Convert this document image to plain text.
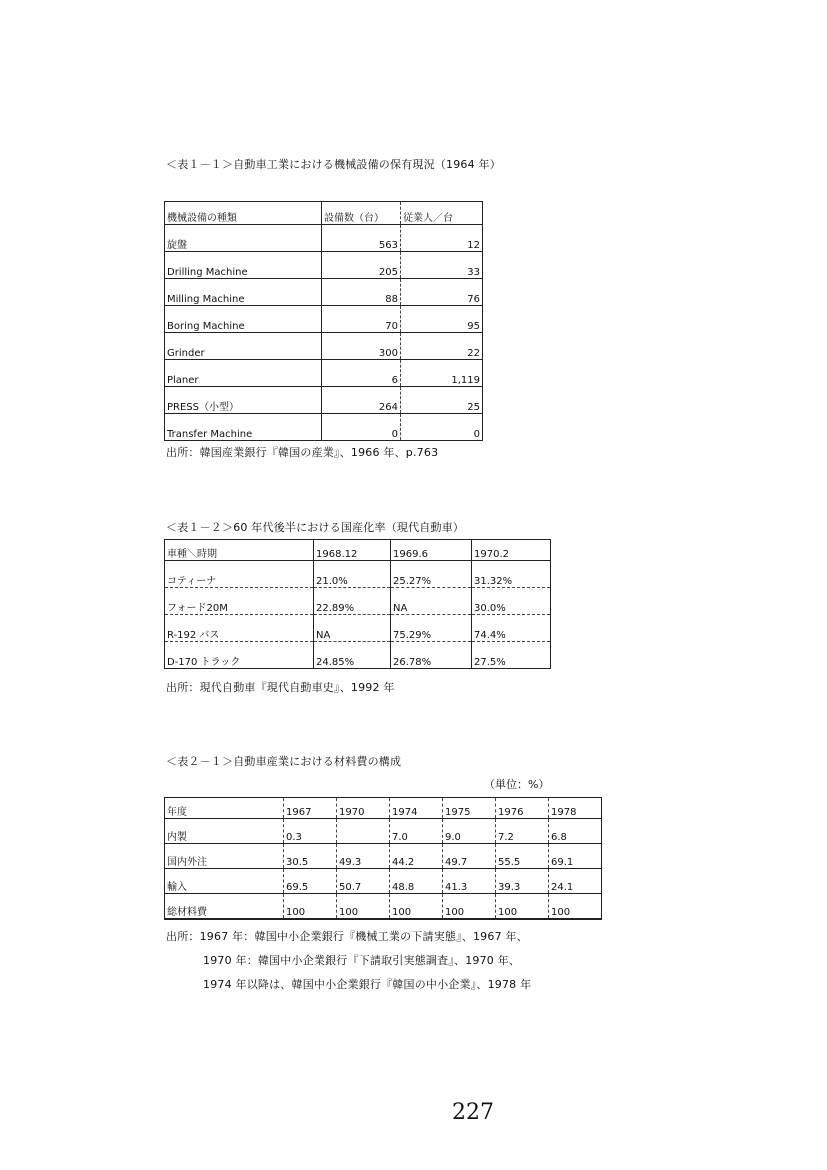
＜表１－１＞自動車工業における機械設備の保有現況（1964 年）
機械設備の種類	設備数（台）	従業人／台
旋盤	563	12
Drilling Machine	205	33
Milling Machine	88	76
Boring Machine	70	95
Grinder	300	22
Planer	6	1,119
PRESS（小型）	264	25
Transfer Machine	0	0
出所：韓国産業銀行『韓国の産業』、1966 年、p.763
＜表１－２＞60 年代後半における国産化率（現代自動車）
車種＼時期	1968.12	1969.6	1970.2
コティーナ	21.0%	25.27%	31.32%
フォード20M	22.89%	NA	30.0%
R-192 バス	NA	75.29%	74.4%
D-170 トラック	24.85%	26.78%	27.5%
出所：現代自動車『現代自動車史』、1992 年
＜表２－１＞自動車産業における材料費の構成
（単位：%）
年度	1967	1970	1974	1975	1976	1978
内製	0.3		7.0	9.0	7.2	6.8
国内外注	30.5	49.3	44.2	49.7	55.5	69.1
輸入	69.5	50.7	48.8	41.3	39.3	24.1
総材料費	100	100	100	100	100	100
出所：1967 年：韓国中小企業銀行『機械工業の下請実態』、1967 年、
1970 年：韓国中小企業銀行『下請取引実態調査』、1970 年、
1974 年以降は、韓国中小企業銀行『韓国の中小企業』、1978 年
227
